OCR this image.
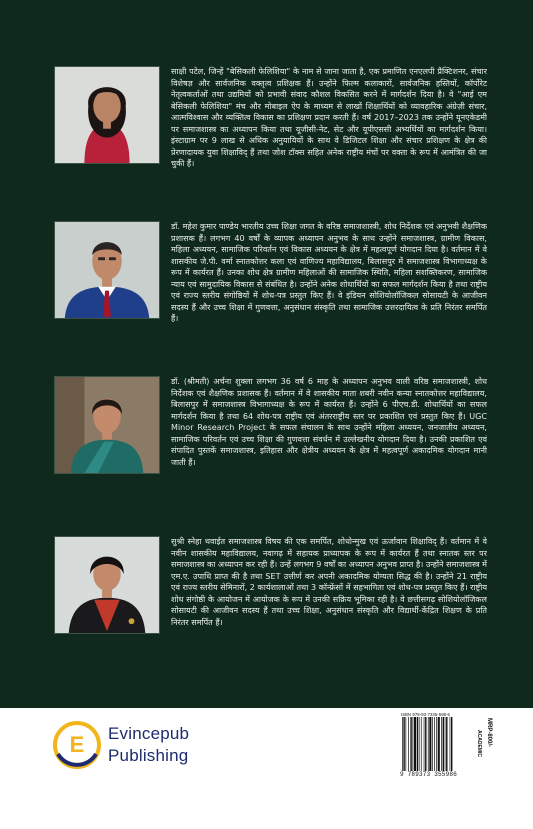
साक्षी पटेल, जिन्हें "बेसिकली फेलिशिया" के नाम से जाना जाता है, एक प्रमाणित एनएलपी प्रैक्टिशनर, संचार विशेषज्ञ और सार्वजनिक वक्तृत्व प्रशिक्षक हैं। उन्होंने फिल्म कलाकारों, सार्वजनिक हस्तियों, कॉर्पोरेट नेतृत्वकर्ताओं तथा उद्यमियों को प्रभावी संवाद कौशल विकसित करने में मार्गदर्शन दिया है। वे "आई एम बेसिकली फेलिशिया" मंच और मोबाइल ऐप के माध्यम से लाखों शिक्षार्थियों को व्यावहारिक अंग्रेज़ी संचार, आत्मविश्वास और व्यक्तित्व विकास का प्रशिक्षण प्रदान करती हैं। वर्ष 2017–2023 तक उन्होंने यूनएकेडमी पर समाजशास्त्र का अध्यापन किया तथा यूजीसी-नेट, सेट और यूपीएससी अभ्यर्थियों का मार्गदर्शन किया। इंस्टाग्राम पर 9 लाख से अधिक अनुयायियों के साथ वे डिजिटल शिक्षा और संचार प्रशिक्षण के क्षेत्र की प्रेरणादायक युवा शिक्षाविद् हैं तथा जोश टॉक्स सहित अनेक राष्ट्रीय मंचों पर वक्ता के रूप में आमंत्रित की जा चुकी हैं।
डॉ. महेश कुमार पाण्डेय भारतीय उच्च शिक्षा जगत के वरिष्ठ समाजशास्त्री, शोध निर्देशक एवं अनुभवी शैक्षणिक प्रशासक हैं। लगभग 40 वर्षों के व्यापक अध्यापन अनुभव के साथ उन्होंने समाजशास्त्र, ग्रामीण विकास, महिला अध्ययन, सामाजिक परिवर्तन एवं विकास अध्ययन के क्षेत्र में महत्वपूर्ण योगदान दिया है। वर्तमान में वे शासकीय जे.पी. वर्मा स्नातकोत्तर कला एवं वाणिज्य महाविद्यालय, बिलासपुर में समाजशास्त्र विभागाध्यक्ष के रूप में कार्यरत हैं। उनका शोध क्षेत्र ग्रामीण महिलाओं की सामाजिक स्थिति, महिला सशक्तिकरण, सामाजिक न्याय एवं सामुदायिक विकास से संबंधित है। उन्होंने अनेक शोधार्थियों का सफल मार्गदर्शन किया है तथा राष्ट्रीय एवं राज्य स्तरीय संगोष्ठियों में शोध-पत्र प्रस्तुत किए हैं। वे इंडियन सोशियोलॉजिकल सोसायटी के आजीवन सदस्य हैं और उच्च शिक्षा में गुणवत्ता, अनुसंधान संस्कृति तथा सामाजिक उत्तरदायित्व के प्रति निरंतर समर्पित हैं।
डॉ. (श्रीमती) अर्चना शुक्ला लगभग 36 वर्ष 6 माह के अध्यापन अनुभव वाली वरिष्ठ समाजशास्त्री, शोध निर्देशक एवं शैक्षणिक प्रशासक हैं। वर्तमान में वे शासकीय माता शबरी नवीन कन्या स्नातकोत्तर महाविद्यालय, बिलासपुर में समाजशास्त्र विभागाध्यक्ष के रूप में कार्यरत हैं। उन्होंने 6 पीएच.डी. शोधार्थियों का सफल मार्गदर्शन किया है तथा 64 शोध-पत्र राष्ट्रीय एवं अंतरराष्ट्रीय स्तर पर प्रकाशित एवं प्रस्तुत किए हैं। UGC Minor Research Project के सफल संचालन के साथ उन्होंने महिला अध्ययन, जनजातीय अध्ययन, सामाजिक परिवर्तन एवं उच्च शिक्षा की गुणवत्ता संवर्धन में उल्लेखनीय योगदान दिया है। उनकी प्रकाशित एवं संपादित पुस्तकें समाजशास्त्र, इतिहास और क्षेत्रीय अध्ययन के क्षेत्र में महत्वपूर्ण अकादमिक योगदान मानी जाती हैं।
सुश्री स्नेहा थवाईत समाजशास्त्र विषय की एक समर्पित, शोधोन्मुख एवं ऊर्जावान शिक्षाविद् हैं। वर्तमान में वे नवीन शासकीय महाविद्यालय, नवागढ़ में सहायक प्राध्यापक के रूप में कार्यरत हैं तथा स्नातक स्तर पर समाजशास्त्र का अध्यापन कर रही हैं। उन्हें लगभग 9 वर्षों का अध्यापन अनुभव प्राप्त है। उन्होंने समाजशास्त्र में एम.ए. उपाधि प्राप्त की है तथा SET उत्तीर्ण कर अपनी अकादमिक योग्यता सिद्ध की है। उन्होंने 21 राष्ट्रीय एवं राज्य स्तरीय सेमिनारों, 2 कार्यशालाओं तथा 3 कॉन्फ्रेंसों में सहभागिता एवं शोध-पत्र प्रस्तुत किए हैं। राष्ट्रीय शोध संगोष्ठी के आयोजन में आयोजक के रूप में उनकी सक्रिय भूमिका रही है। वे छत्तीसगढ़ सोशियोलॉजिकल सोसायटी की आजीवन सदस्य हैं तथा उच्च शिक्षा, अनुसंधान संस्कृति और विद्यार्थी-केंद्रित शिक्षण के प्रति निरंतर समर्पित हैं।
E Evincepub
Publishing
ISBN 978-93-7335-598-6
9 789373 355986
ACADEMIC MRP-800/-
